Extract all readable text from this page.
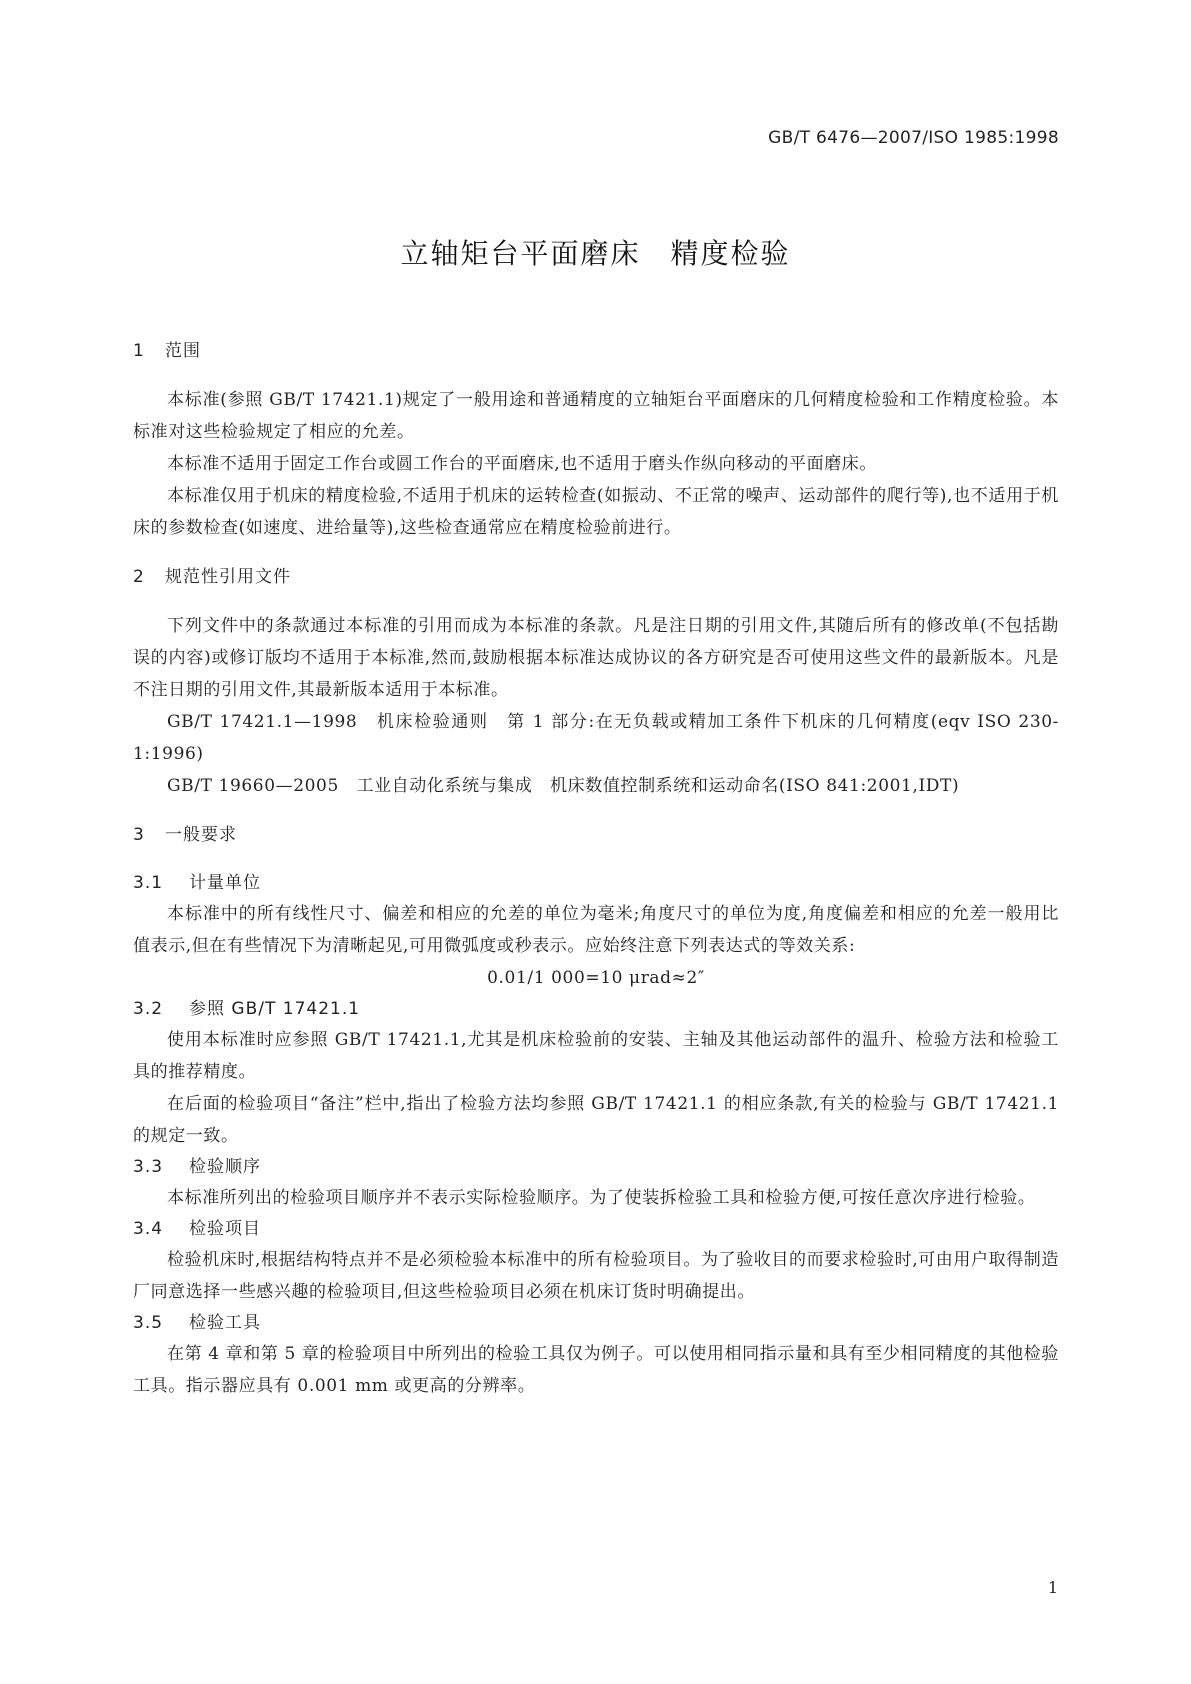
GB/T 6476—2007/ISO 1985:1998
立轴矩台平面磨床　精度检验
1 范围

本标准(参照 GB/T 17421.1)规定了一般用途和普通精度的立轴矩台平面磨床的几何精度检验和工作精度检验。本标准对这些检验规定了相应的允差。

本标准不适用于固定工作台或圆工作台的平面磨床,也不适用于磨头作纵向移动的平面磨床。

本标准仅用于机床的精度检验,不适用于机床的运转检查(如振动、不正常的噪声、运动部件的爬行等),也不适用于机床的参数检查(如速度、进给量等),这些检查通常应在精度检验前进行。

2 规范性引用文件

下列文件中的条款通过本标准的引用而成为本标准的条款。凡是注日期的引用文件,其随后所有的修改单(不包括勘误的内容)或修订版均不适用于本标准,然而,鼓励根据本标准达成协议的各方研究是否可使用这些文件的最新版本。凡是不注日期的引用文件,其最新版本适用于本标准。

GB/T 17421.1—1998　机床检验通则　第 1 部分:在无负载或精加工条件下机床的几何精度(eqv ISO 230-1:1996)

GB/T 19660—2005　工业自动化系统与集成　机床数值控制系统和运动命名(ISO 841:2001,IDT)

3 一般要求
3.1 计量单位

本标准中的所有线性尺寸、偏差和相应的允差的单位为毫米;角度尺寸的单位为度,角度偏差和相应的允差一般用比值表示,但在有些情况下为清晰起见,可用微弧度或秒表示。应始终注意下列表达式的等效关系:

0.01/1 000=10 μrad≈2″

3.2 参照 GB/T 17421.1

使用本标准时应参照 GB/T 17421.1,尤其是机床检验前的安装、主轴及其他运动部件的温升、检验方法和检验工具的推荐精度。

在后面的检验项目“备注”栏中,指出了检验方法均参照 GB/T 17421.1 的相应条款,有关的检验与 GB/T 17421.1 的规定一致。

3.3 检验顺序

本标准所列出的检验项目顺序并不表示实际检验顺序。为了使装拆检验工具和检验方便,可按任意次序进行检验。

3.4 检验项目

检验机床时,根据结构特点并不是必须检验本标准中的所有检验项目。为了验收目的而要求检验时,可由用户取得制造厂同意选择一些感兴趣的检验项目,但这些检验项目必须在机床订货时明确提出。

3.5 检验工具

在第 4 章和第 5 章的检验项目中所列出的检验工具仅为例子。可以使用相同指示量和具有至少相同精度的其他检验工具。指示器应具有 0.001 mm 或更高的分辨率。

1
